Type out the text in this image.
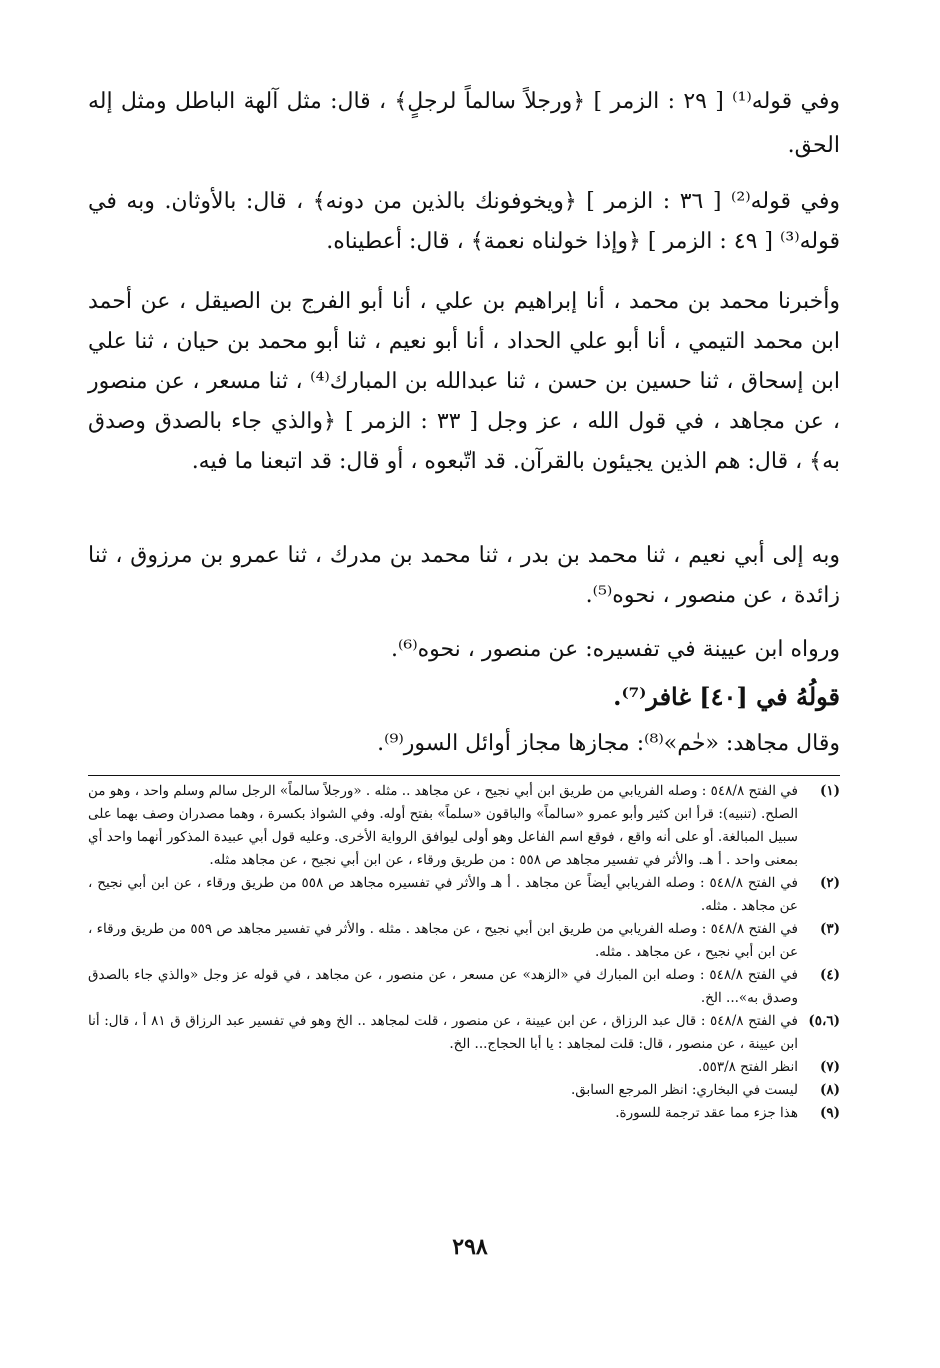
وفي قوله⁽¹⁾ [ ٢٩ : الزمر ] ﴿ورجلاً سالماً لرجلٍ﴾ ، قال: مثل آلهة الباطل ومثل إله الحق.
وفي قوله⁽²⁾ [ ٣٦ : الزمر ] ﴿ويخوفونك بالذين من دونه﴾ ، قال: بالأوثان. وبه في قوله⁽³⁾ [ ٤٩ : الزمر ] ﴿وإذا خولناه نعمة﴾ ، قال: أعطيناه.
وأخبرنا محمد بن محمد ، أنا إبراهيم بن علي ، أنا أبو الفرج بن الصيقل ، عن أحمد ابن محمد التيمي ، أنا أبو علي الحداد ، أنا أبو نعيم ، ثنا أبو محمد بن حيان ، ثنا علي ابن إسحاق ، ثنا حسين بن حسن ، ثنا عبدالله بن المبارك⁽⁴⁾ ، ثنا مسعر ، عن منصور ، عن مجاهد ، في قول الله ، عز وجل [ ٣٣ : الزمر ] ﴿والذي جاء بالصدق وصدق به﴾ ، قال: هم الذين يجيئون بالقرآن. قد اتّبعوه ، أو قال: قد اتبعنا ما فيه.
وبه إلى أبي نعيم ، ثنا محمد بن بدر ، ثنا محمد بن مدرك ، ثنا عمرو بن مرزوق ، ثنا زائدة ، عن منصور ، نحوه⁽⁵⁾.
ورواه ابن عيينة في تفسيره: عن منصور ، نحوه⁽⁶⁾.
قولُهُ في [٤٠] غافر⁽⁷⁾.
وقال مجاهد: «حٰم»⁽⁸⁾: مجازها مجاز أوائل السور⁽⁹⁾.
(١)
في الفتح ٥٤٨/٨ : وصله الفريابي من طريق ابن أبي نجيح ، عن مجاهد .. مثله . «ورجلاً سالماً» الرجل سالم وسلم واحد ، وهو من الصلح. (تنبيه): قرأ ابن كثير وأبو عمرو «سالماً» والباقون «سلماً» بفتح أوله. وفي الشواذ بكسرة ، وهما مصدران وصف بهما على سبيل المبالغة. أو على أنه واقع ، فوقع اسم الفاعل وهو أولى ليوافق الرواية الأخرى. وعليه قول أبي عبيدة المذكور أنهما واحد أي بمعنى واحد . أ هـ. والأثر في تفسير مجاهد ص ٥٥٨ : من طريق ورقاء ، عن ابن أبي نجيح ، عن مجاهد مثله.
(٢)
في الفتح ٥٤٨/٨ : وصله الفريابي أيضاً عن مجاهد . أ هـ والأثر في تفسيره مجاهد ص ٥٥٨ من طريق ورقاء ، عن ابن أبي نجيح ، عن مجاهد . مثله.
(٣)
في الفتح ٥٤٨/٨ : وصله الفريابي من طريق ابن أبي نجيح ، عن مجاهد . مثله . والأثر في تفسير مجاهد ص ٥٥٩ من طريق ورقاء ، عن ابن أبي نجيح ، عن مجاهد . مثله.
(٤)
في الفتح ٥٤٨/٨ : وصله ابن المبارك في «الزهد» عن مسعر ، عن منصور ، عن مجاهد ، في قوله عز وجل «والذي جاء بالصدق وصدق به»... الخ.
(٥،٦)
في الفتح ٥٤٨/٨ : قال عبد الرزاق ، عن ابن عيينة ، عن منصور ، قلت لمجاهد .. الخ وهو في تفسير عبد الرزاق ق ٨١ أ ، قال: أنا ابن عيينة ، عن منصور ، قال: قلت لمجاهد : يا أبا الحجاج... الخ.
(٧)
انظر الفتح ٥٥٣/٨.
(٨)
ليست في البخاري: انظر المرجع السابق.
(٩)
هذا جزء مما عقد ترجمة للسورة.
٢٩٨
